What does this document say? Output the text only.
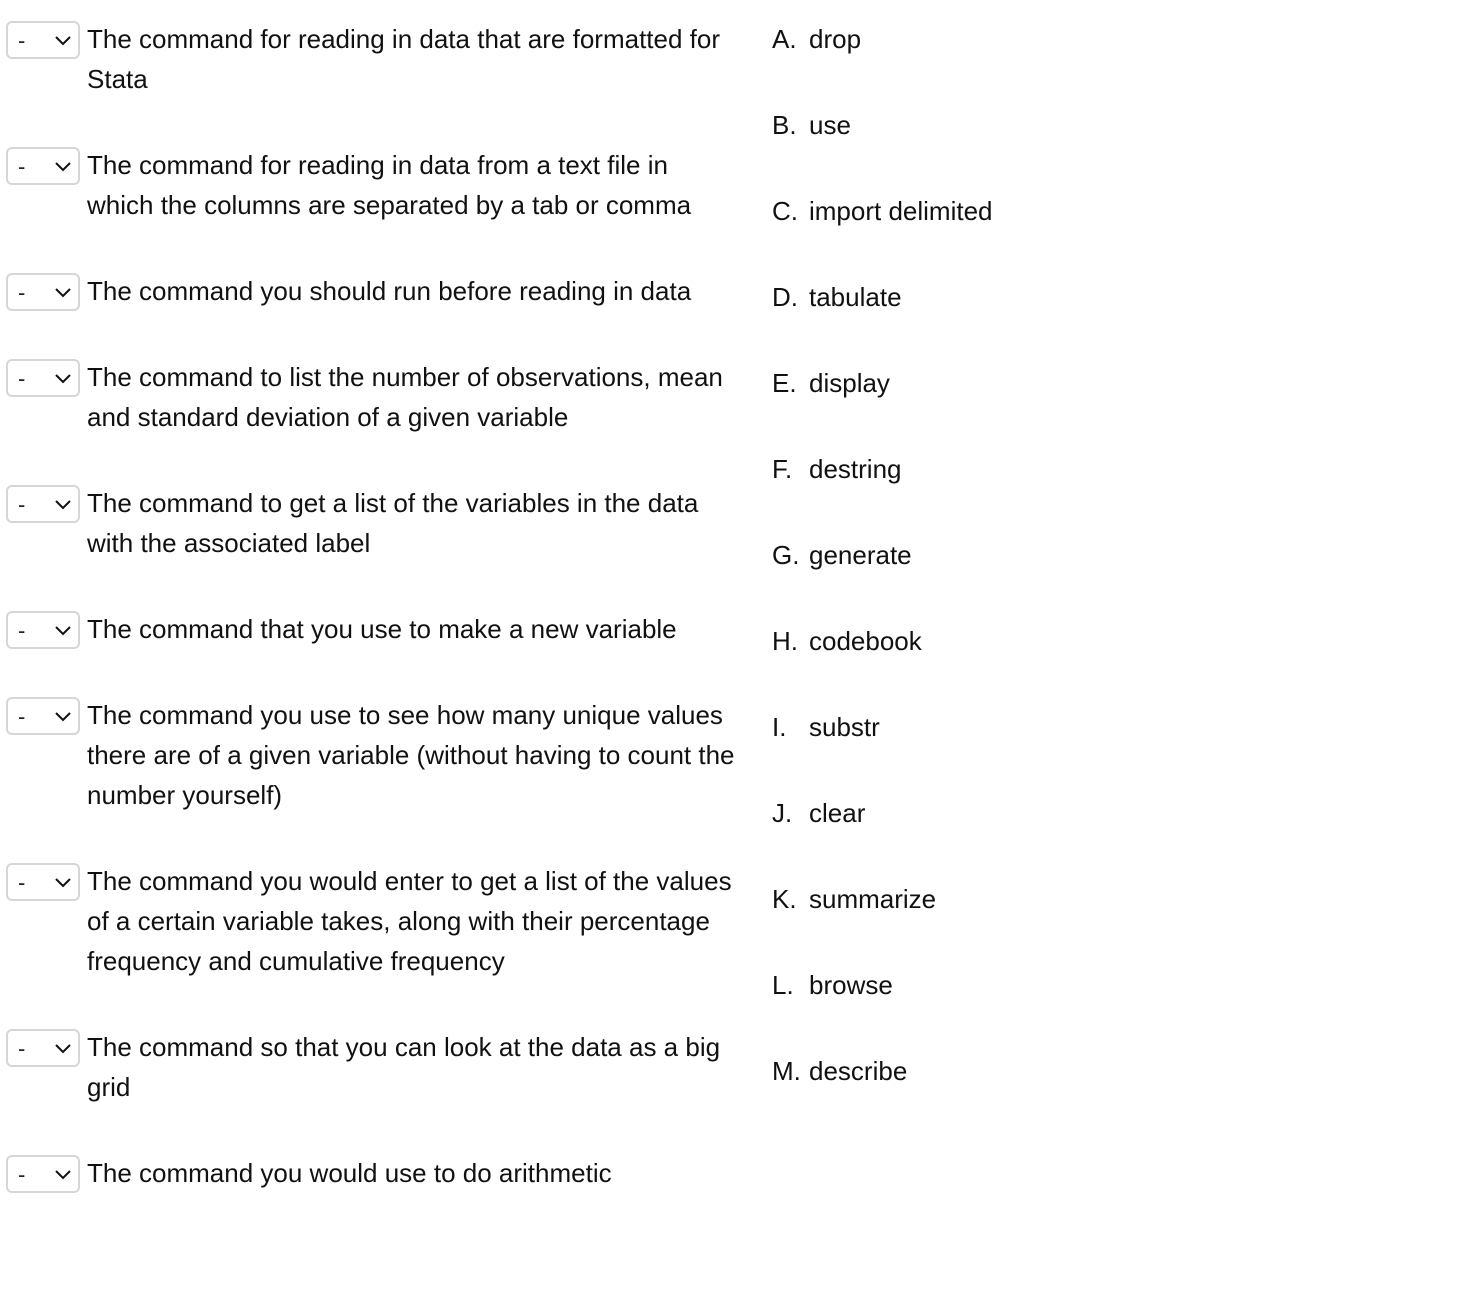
- The command for reading in data that are formatted for Stata
- The command for reading in data from a text file in which the columns are separated by a tab or comma
- The command you should run before reading in data
- The command to list the number of observations, mean and standard deviation of a given variable
- The command to get a list of the variables in the data with the associated label
- The command that you use to make a new variable
- The command you use to see how many unique values there are of a given variable (without having to count the number yourself)
- The command you would enter to get a list of the values of a certain variable takes, along with their percentage frequency and cumulative frequency
- The command so that you can look at the data as a big grid
- The command you would use to do arithmetic
A. drop
B. use
C. import delimited
D. tabulate
E. display
F. destring
G. generate
H. codebook
I. substr
J. clear
K. summarize
L. browse
M. describe
